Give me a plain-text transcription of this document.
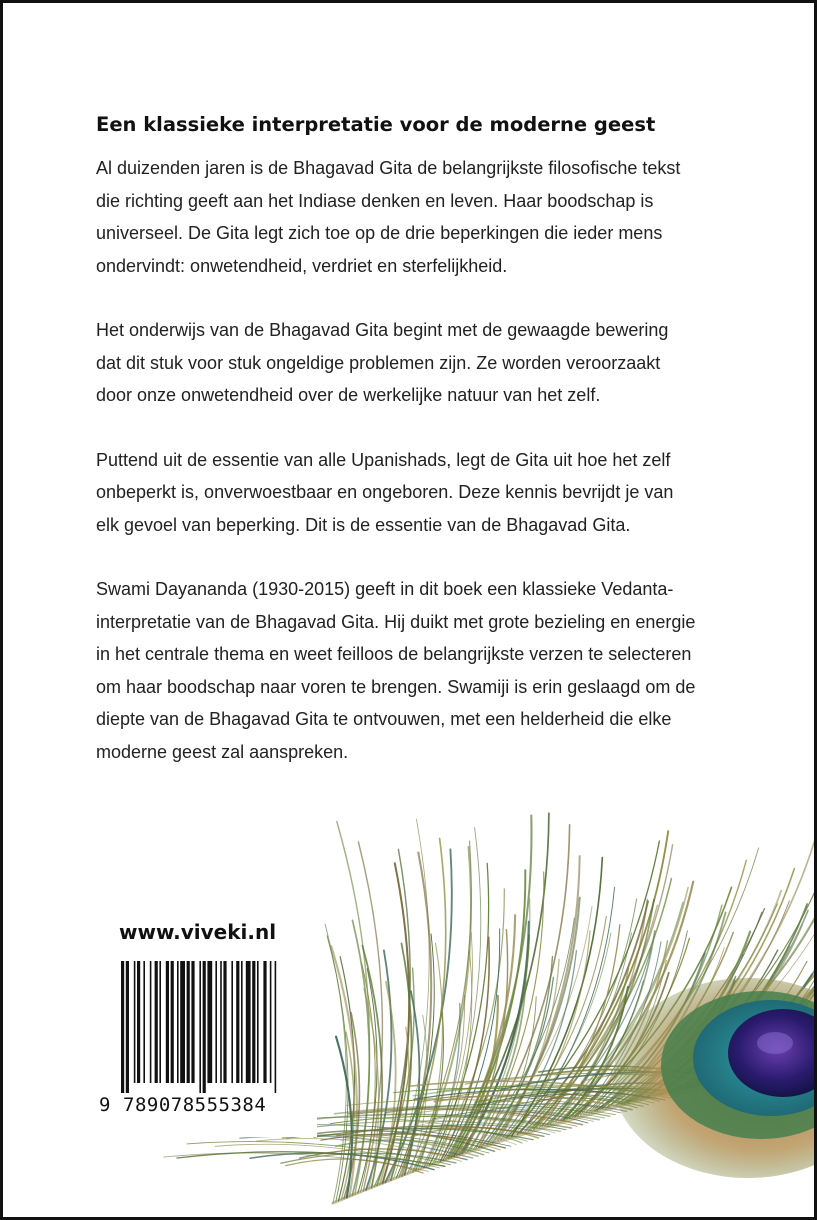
Een klassieke interpretatie voor de moderne geest

Al duizenden jaren is de Bhagavad Gita de belangrijkste filosofische tekst
die richting geeft aan het Indiase denken en leven. Haar boodschap is
universeel. De Gita legt zich toe op de drie beperkingen die ieder mens
ondervindt: onwetendheid, verdriet en sterfelijkheid.

Het onderwijs van de Bhagavad Gita begint met de gewaagde bewering
dat dit stuk voor stuk ongeldige problemen zijn. Ze worden veroorzaakt
door onze onwetendheid over de werkelijke natuur van het zelf.

Puttend uit de essentie van alle Upanishads, legt de Gita uit hoe het zelf
onbeperkt is, onverwoestbaar en ongeboren. Deze kennis bevrijdt je van
elk gevoel van beperking. Dit is de essentie van de Bhagavad Gita.

Swami Dayananda (1930-2015) geeft in dit boek een klassieke Vedanta-
interpretatie van de Bhagavad Gita. Hij duikt met grote bezieling en energie
in het centrale thema en weet feilloos de belangrijkste verzen te selecteren
om haar boodschap naar voren te brengen. Swamiji is erin geslaagd om de
diepte van de Bhagavad Gita te ontvouwen, met een helderheid die elke
moderne geest zal aanspreken.

www.viveki.nl
9 789078555384
